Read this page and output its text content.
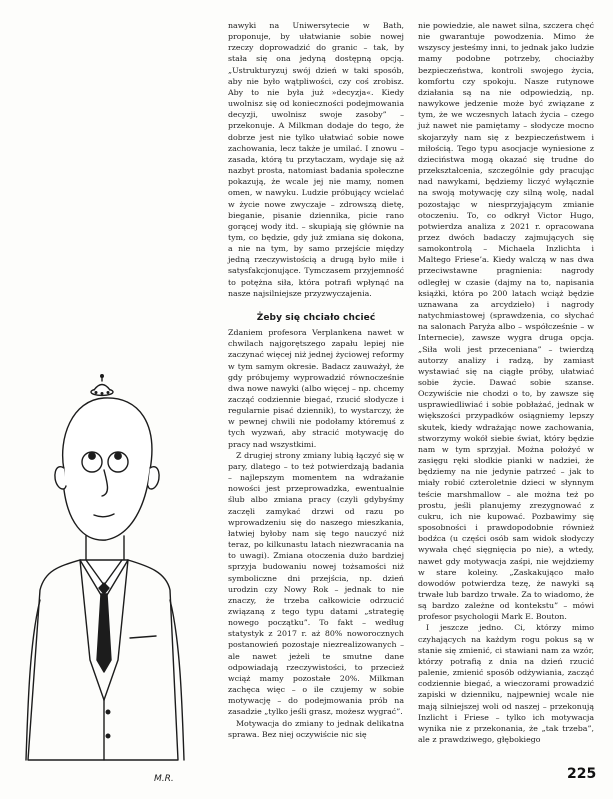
M.R.

nawyki na Uniwersytecie w Bath, proponuje, by ułatwianie sobie nowej rzeczy doprowadzić do granic – tak, by stała się ona jedyną dostępną opcją. „Ustrukturyzuj swój dzień w taki sposób, aby nie było wątpliwości, czy coś zrobisz. Aby to nie była już »decyzja«. Kiedy uwolnisz się od konieczności podejmowania decyzji, uwolnisz swoje zasoby” – przekonuje. A Milkman dodaje do tego, że dobrze jest nie tylko ułatwiać sobie nowe zachowania, lecz także je umilać. I znowu – zasada, którą tu przytaczam, wydaje się aż nazbyt prosta, natomiast badania społeczne pokazują, że wcale jej nie mamy, nomen omen, w nawyku. Ludzie próbujący wcielać w życie nowe zwyczaje – zdrowszą dietę, bieganie, pisanie dziennika, picie rano gorącej wody itd. – skupiają się głównie na tym, co będzie, gdy już zmiana się dokona, a nie na tym, by samo przejście między jedną rzeczywistością a drugą było miłe i satysfakcjonujące. Tymczasem przyjemność to potężna siła, która potrafi wpłynąć na nasze najsilniejsze przyzwyczajenia.

Żeby się chciało chcieć

Zdaniem profesora Verplankena nawet w chwilach najgorętszego zapału lepiej nie zaczynać więcej niż jednej życiowej reformy w tym samym okresie. Badacz zauważył, że gdy próbujemy wyprowadzić równocześnie dwa nowe nawyki (albo więcej – np. chcemy zacząć codziennie biegać, rzucić słodycze i regularnie pisać dziennik), to wystarczy, że w pewnej chwili nie podołamy któremuś z tych wyzwań, aby stracić motywację do pracy nad wszystkimi.

Z drugiej strony zmiany lubią łączyć się w pary, dlatego – to też potwierdzają badania – najlepszym momentem na wdrażanie nowości jest przeprowadzka, ewentualnie ślub albo zmiana pracy (czyli gdybyśmy zaczęli zamykać drzwi od razu po wprowadzeniu się do naszego mieszkania, łatwiej byłoby nam się tego nauczyć niż teraz, po kilkunastu latach niezwracania na to uwagi). Zmiana otoczenia dużo bardziej sprzyja budowaniu nowej tożsamości niż symboliczne dni przejścia, np. dzień urodzin czy Nowy Rok – jednak to nie znaczy, że trzeba całkowicie odrzucić związaną z tego typu datami „strategię nowego początku”. To fakt – według statystyk z 2017 r. aż 80% noworocznych postanowień pozostaje niezrealizowanych – ale nawet jeżeli te smutne dane odpowiadają rzeczywistości, to przecież wciąż mamy pozostałe 20%. Milkman zachęca więc – o ile czujemy w sobie motywację – do podejmowania prób na zasadzie „tylko jeśli grasz, możesz wygrać”.

Motywacja do zmiany to jednak delikatna sprawa. Bez niej oczywiście nic się

nie powiedzie, ale nawet silna, szczera chęć nie gwarantuje powodzenia. Mimo że wszyscy jesteśmy inni, to jednak jako ludzie mamy podobne potrzeby, chociażby bezpieczeństwa, kontroli swojego życia, komfortu czy spokoju. Nasze rutynowe działania są na nie odpowiedzią, np. nawykowe jedzenie może być związane z tym, że we wczesnych latach życia – czego już nawet nie pamiętamy – słodycze mocno skojarzyły nam się z bezpieczeństwem i miłością. Tego typu asocjacje wyniesione z dzieciństwa mogą okazać się trudne do przekształcenia, szczególnie gdy pracując nad nawykami, będziemy liczyć wyłącznie na swoją motywację czy silną wolę, nadal pozostając w niesprzyjającym zmianie otoczeniu. To, co odkrył Victor Hugo, potwierdza analiza z 2021 r. opracowana przez dwóch badaczy zajmujących się samokontrolą – Michaela Inzlichta i Maltego Friese’a. Kiedy walczą w nas dwa przeciwstawne pragnienia: nagrody odległej w czasie (dajmy na to, napisania książki, która po 200 latach wciąż będzie uznawana za arcydzieło) i nagrody natychmiastowej (sprawdzenia, co słychać na salonach Paryża albo – współcześnie – w Internecie), zawsze wygra druga opcja. „Siła woli jest przeceniana” – twierdzą autorzy analizy i radzą, by zamiast wystawiać się na ciągłe próby, ułatwiać sobie życie. Dawać sobie szanse. Oczywiście nie chodzi o to, by zawsze się usprawiedliwiać i sobie pobłażać, jednak w większości przypadków osiągniemy lepszy skutek, kiedy wdrażając nowe zachowania, stworzymy wokół siebie świat, który będzie nam w tym sprzyjał. Można położyć w zasięgu ręki słodkie pianki w nadziei, że będziemy na nie jedynie patrzeć – jak to miały robić czteroletnie dzieci w słynnym teście marshmallow – ale można też po prostu, jeśli planujemy zrezygnować z cukru, ich nie kupować. Pozbawimy się sposobności i prawdopodobnie również bodźca (u części osób sam widok słodyczy wywała chęć sięgnięcia po nie), a wtedy, nawet gdy motywacja zaśpi, nie wejdziemy w stare koleiny. „Zaskakująco mało dowodów potwierdza tezę, że nawyki są trwałe lub bardzo trwałe. Za to wiadomo, że są bardzo zależne od kontekstu” – mówi profesor psychologii Mark E. Bouton.

I jeszcze jedno. Ci, którzy mimo czyhających na każdym rogu pokus są w stanie się zmienić, ci stawiani nam za wzór, którzy potrafią z dnia na dzień rzucić palenie, zmienić sposób odżywiania, zacząć codziennie biegać, a wieczorami prowadzić zapiski w dzienniku, najpewniej wcale nie mają silniejszej woli od naszej – przekonują Inzlicht i Friese – tylko ich motywacja wynika nie z przekonania, że „tak trzeba”, ale z prawdziwego, głębokiego

225
